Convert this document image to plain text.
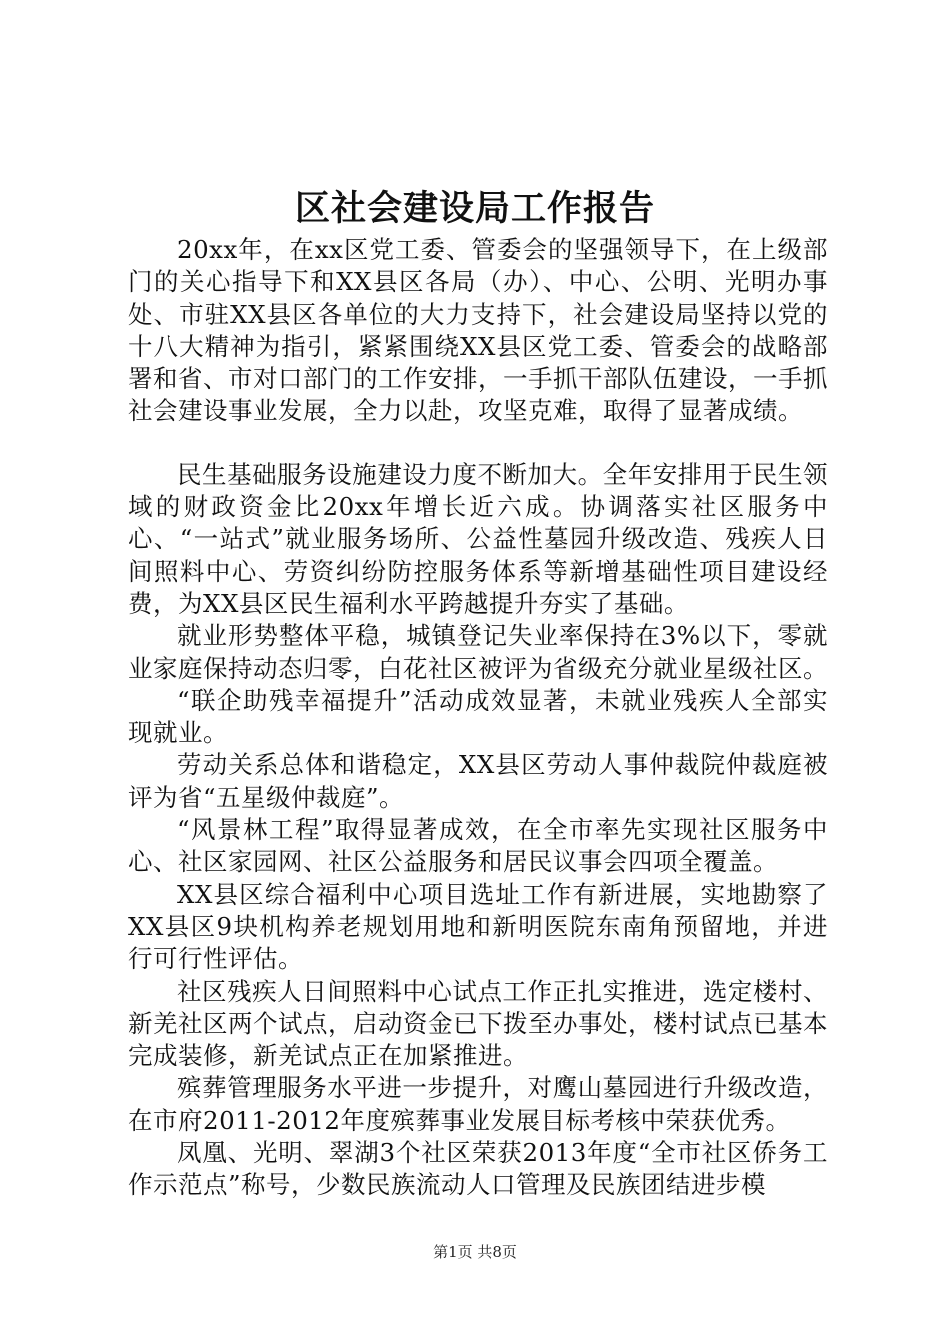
区社会建设局工作报告

20xx年，在xx区党工委、管委会的坚强领导下，在上级部门的关心指导下和XX县区各局（办）、中心、公明、光明办事处、市驻XX县区各单位的大力支持下，社会建设局坚持以党的十八大精神为指引，紧紧围绕XX县区党工委、管委会的战略部署和省、市对口部门的工作安排，一手抓干部队伍建设，一手抓社会建设事业发展，全力以赴，攻坚克难，取得了显著成绩。

民生基础服务设施建设力度不断加大。全年安排用于民生领域的财政资金比20xx年增长近六成。协调落实社区服务中心、“一站式”就业服务场所、公益性墓园升级改造、残疾人日间照料中心、劳资纠纷防控服务体系等新增基础性项目建设经费，为XX县区民生福利水平跨越提升夯实了基础。

就业形势整体平稳，城镇登记失业率保持在3%以下，零就业家庭保持动态归零，白花社区被评为省级充分就业星级社区。

“联企助残幸福提升”活动成效显著，未就业残疾人全部实现就业。

劳动关系总体和谐稳定，XX县区劳动人事仲裁院仲裁庭被评为省“五星级仲裁庭”。

“风景林工程”取得显著成效，在全市率先实现社区服务中心、社区家园网、社区公益服务和居民议事会四项全覆盖。

XX县区综合福利中心项目选址工作有新进展，实地勘察了XX县区9块机构养老规划用地和新明医院东南角预留地，并进行可行性评估。

社区残疾人日间照料中心试点工作正扎实推进，选定楼村、新羌社区两个试点，启动资金已下拨至办事处，楼村试点已基本完成装修，新羌试点正在加紧推进。

殡葬管理服务水平进一步提升，对鹰山墓园进行升级改造，在市府2011-2012年度殡葬事业发展目标考核中荣获优秀。

凤凰、光明、翠湖3个社区荣获2013年度“全市社区侨务工作示范点”称号，少数民族流动人口管理及民族团结进步模

第1页 共8页
